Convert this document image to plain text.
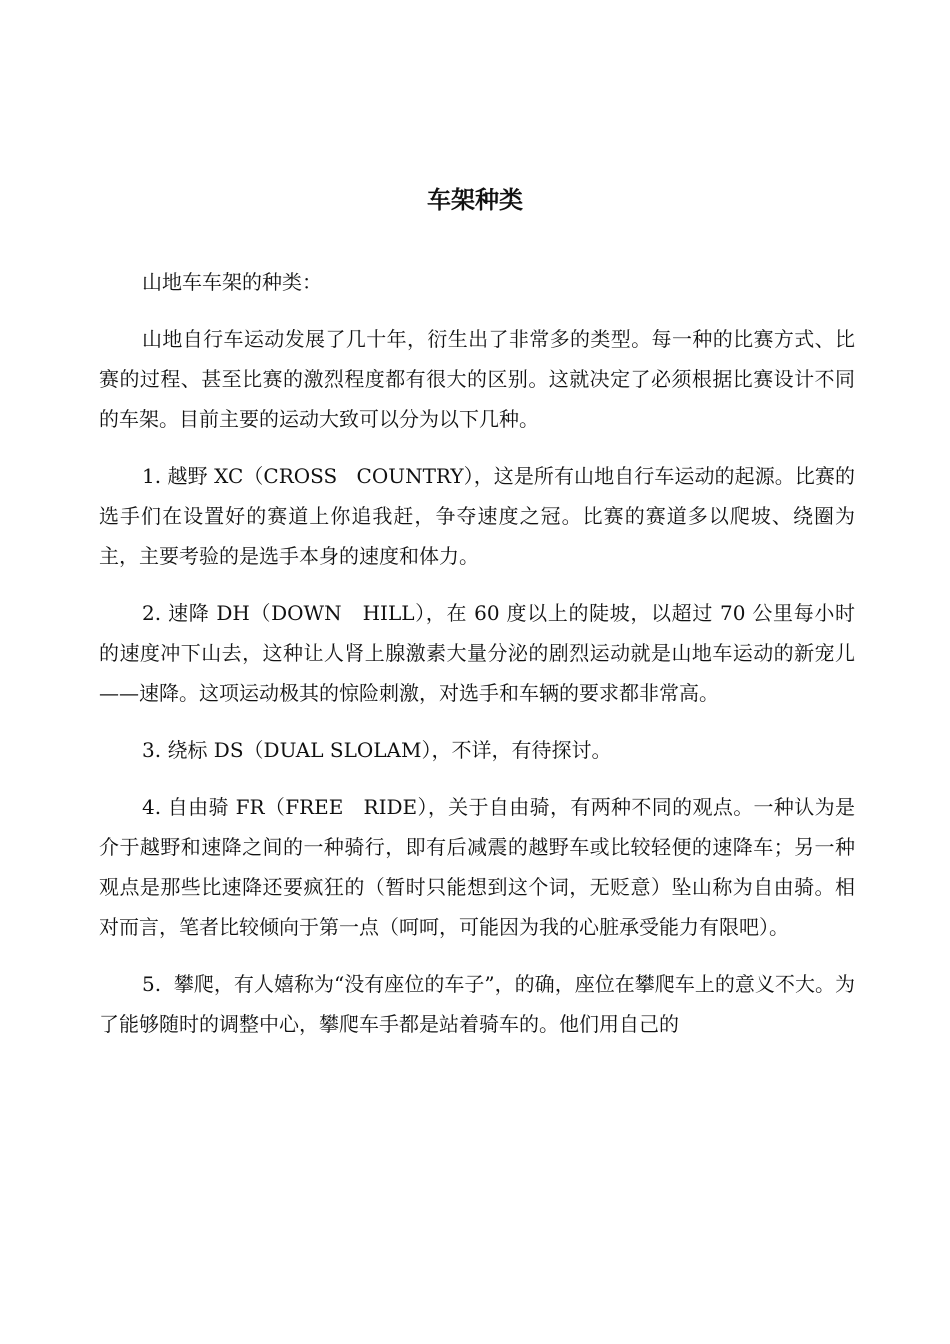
车架种类

山地车车架的种类：

山地自行车运动发展了几十年，衍生出了非常多的类型。每一种的比赛方式、比赛的过程、甚至比赛的激烈程度都有很大的区别。这就决定了必须根据比赛设计不同的车架。目前主要的运动大致可以分为以下几种。

1. 越野 XC（CROSS   COUNTRY），这是所有山地自行车运动的起源。比赛的选手们在设置好的赛道上你追我赶，争夺速度之冠。比赛的赛道多以爬坡、绕圈为主，主要考验的是选手本身的速度和体力。

2. 速降 DH（DOWN   HILL），在 60 度以上的陡坡，以超过 70 公里每小时的速度冲下山去，这种让人肾上腺激素大量分泌的剧烈运动就是山地车运动的新宠儿——速降。这项运动极其的惊险刺激，对选手和车辆的要求都非常高。

3. 绕标 DS（DUAL SLOLAM），不详，有待探讨。

4. 自由骑 FR（FREE   RIDE），关于自由骑，有两种不同的观点。一种认为是介于越野和速降之间的一种骑行，即有后减震的越野车或比较轻便的速降车；另一种观点是那些比速降还要疯狂的（暂时只能想到这个词，无贬意）坠山称为自由骑。相对而言，笔者比较倾向于第一点（呵呵，可能因为我的心脏承受能力有限吧）。

5.  攀爬，有人嬉称为“没有座位的车子”，的确，座位在攀爬车上的意义不大。为了能够随时的调整中心，攀爬车手都是站着骑车的。他们用自己的
